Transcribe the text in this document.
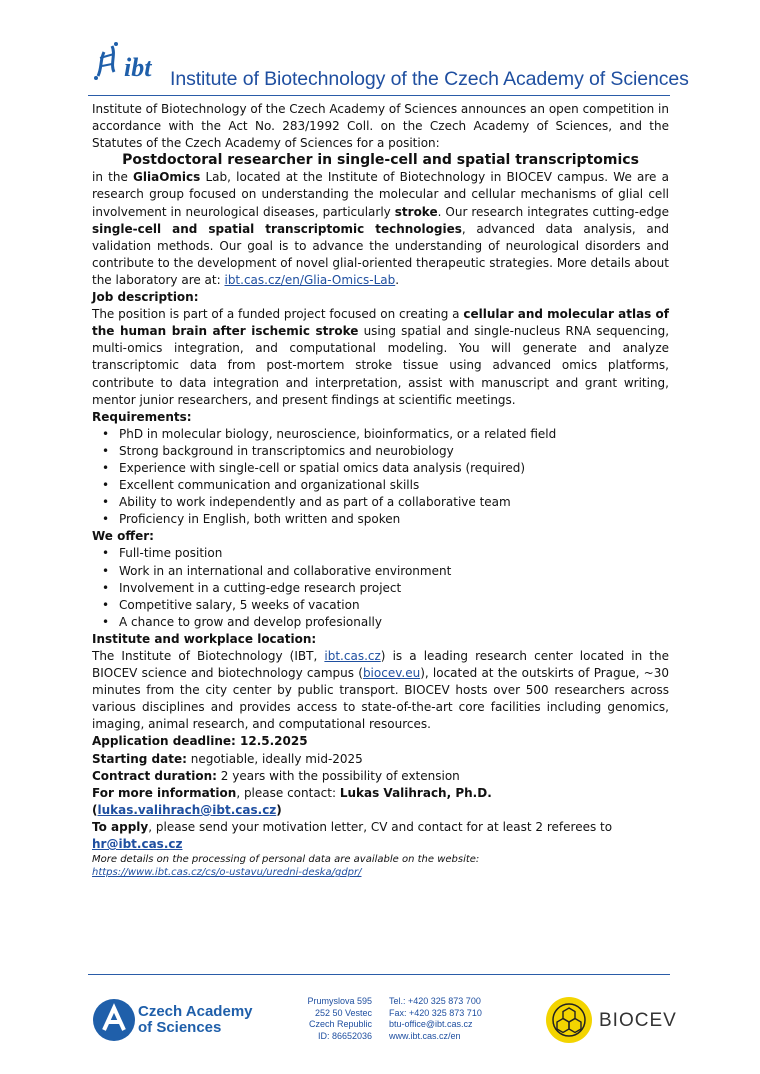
ibt Institute of Biotechnology of the Czech Academy of Sciences

Institute of Biotechnology of the Czech Academy of Sciences announces an open competition in accordance with the Act No. 283/1992 Coll. on the Czech Academy of Sciences, and the Statutes of the Czech Academy of Sciences for a position:

Postdoctoral researcher in single-cell and spatial transcriptomics

in the GliaOmics Lab, located at the Institute of Biotechnology in BIOCEV campus. We are a research group focused on understanding the molecular and cellular mechanisms of glial cell involvement in neurological diseases, particularly stroke. Our research integrates cutting-edge single-cell and spatial transcriptomic technologies, advanced data analysis, and validation methods. Our goal is to advance the understanding of neurological disorders and contribute to the development of novel glial-oriented therapeutic strategies. More details about the laboratory are at: ibt.cas.cz/en/Glia-Omics-Lab.

Job description:

The position is part of a funded project focused on creating a cellular and molecular atlas of the human brain after ischemic stroke using spatial and single-nucleus RNA sequencing, multi-omics integration, and computational modeling. You will generate and analyze transcriptomic data from post-mortem stroke tissue using advanced omics platforms, contribute to data integration and interpretation, assist with manuscript and grant writing, mentor junior researchers, and present findings at scientific meetings.

Requirements:

• PhD in molecular biology, neuroscience, bioinformatics, or a related field
• Strong background in transcriptomics and neurobiology
• Experience with single-cell or spatial omics data analysis (required)
• Excellent communication and organizational skills
• Ability to work independently and as part of a collaborative team
• Proficiency in English, both written and spoken

We offer:

• Full-time position
• Work in an international and collaborative environment
• Involvement in a cutting-edge research project
• Competitive salary, 5 weeks of vacation
• A chance to grow and develop profesionally

Institute and workplace location:

The Institute of Biotechnology (IBT, ibt.cas.cz) is a leading research center located in the BIOCEV science and biotechnology campus (biocev.eu), located at the outskirts of Prague, ~30 minutes from the city center by public transport. BIOCEV hosts over 500 researchers across various disciplines and provides access to state-of-the-art core facilities including genomics, imaging, animal research, and computational resources.

Application deadline: 12.5.2025

Starting date: negotiable, ideally mid-2025

Contract duration: 2 years with the possibility of extension

For more information, please contact: Lukas Valihrach, Ph.D. (lukas.valihrach@ibt.cas.cz)

To apply, please send your motivation letter, CV and contact for at least 2 referees to hr@ibt.cas.cz

More details on the processing of personal data are available on the website:
https://www.ibt.cas.cz/cs/o-ustavu/uredni-deska/gdpr/

Czech Academy
of Sciences
Prumyslova 595
252 50 Vestec
Czech Republic
ID: 86652036
Tel.: +420 325 873 700
Fax: +420 325 873 710
btu-office@ibt.cas.cz
www.ibt.cas.cz/en
BIOCEV
